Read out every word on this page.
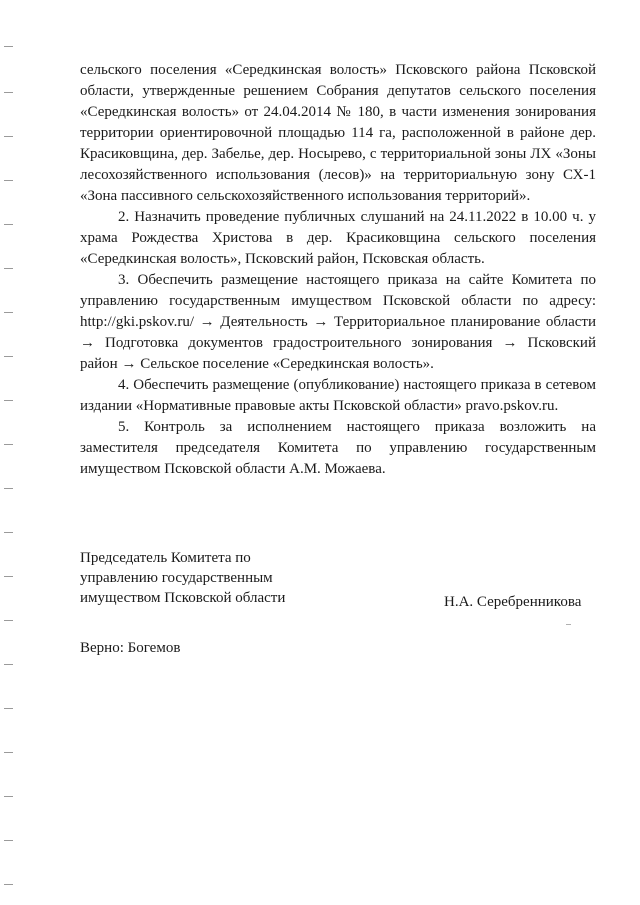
сельского поселения «Середкинская волость» Псковского района Псковской области, утвержденные решением Собрания депутатов сельского поселения «Середкинская волость» от 24.04.2014 № 180, в части изменения зонирования территории ориентировочной площадью 114 га, расположенной в районе дер. Красиковщина, дер. Забелье, дер. Носырево, с территориальной зоны ЛХ «Зоны лесохозяйственного использования (лесов)» на территориальную зону СХ-1 «Зона пассивного сельскохозяйственного использования территорий».

2. Назначить проведение публичных слушаний на 24.11.2022 в 10.00 ч. у храма Рождества Христова в дер. Красиковщина сельского поселения «Середкинская волость», Псковский район, Псковская область.

3. Обеспечить размещение настоящего приказа на сайте Комитета по управлению государственным имуществом Псковской области по адресу: http://gki.pskov.ru/ → Деятельность → Территориальное планирование области → Подготовка документов градостроительного зонирования → Псковский район → Сельское поселение «Середкинская волость».

4. Обеспечить размещение (опубликование) настоящего приказа в сетевом издании «Нормативные правовые акты Псковской области» pravo.pskov.ru.

5. Контроль за исполнением настоящего приказа возложить на заместителя председателя Комитета по управлению государственным имуществом Псковской области А.М. Можаева.

Председатель Комитета по
управлению государственным
имуществом Псковской области	Н.А. Серебренникова
Верно: Богемов
